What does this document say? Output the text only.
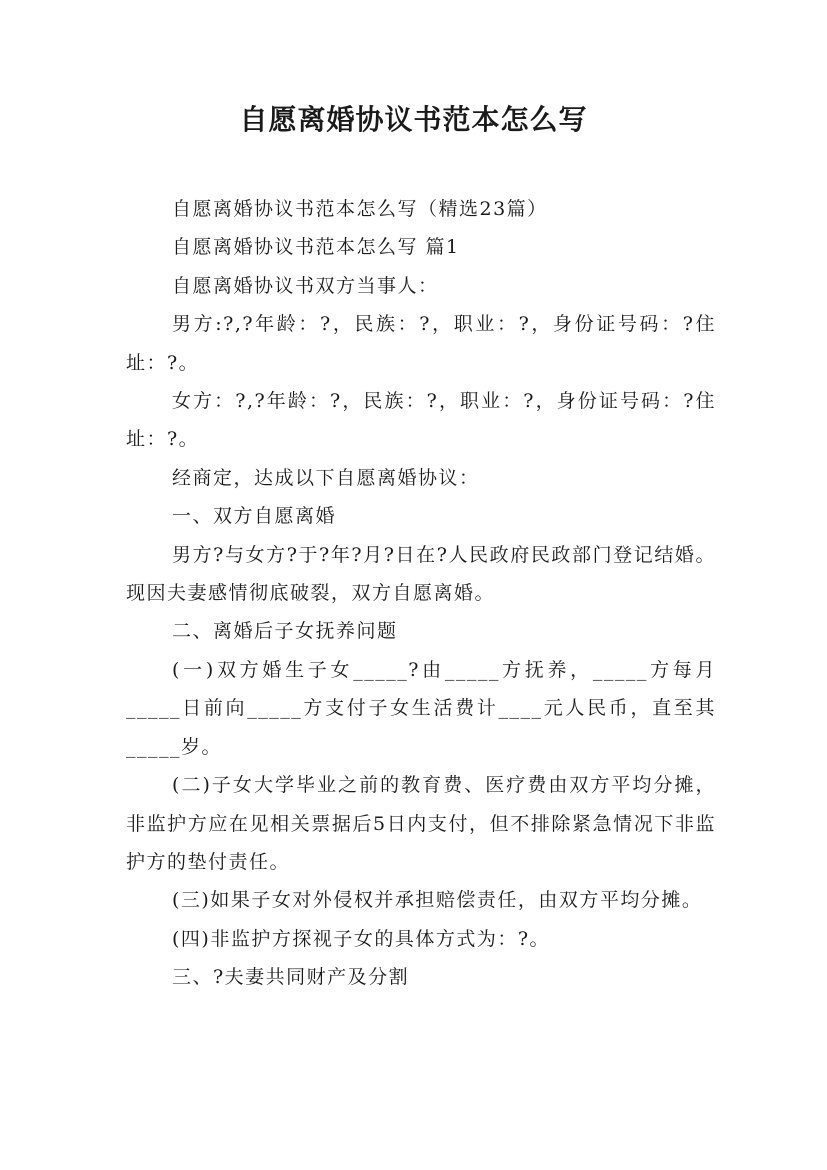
自愿离婚协议书范本怎么写

自愿离婚协议书范本怎么写（精选23篇）

自愿离婚协议书范本怎么写 篇1

自愿离婚协议书双方当事人：

男方:?,?年龄：?，民族：?，职业：?，身份证号码：?住址：?。

女方：?,?年龄：?，民族：?，职业：?，身份证号码：?住址：?。

经商定，达成以下自愿离婚协议：

一、双方自愿离婚

男方?与女方?于?年?月?日在?人民政府民政部门登记结婚。现因夫妻感情彻底破裂，双方自愿离婚。

二、离婚后子女抚养问题

(一)双方婚生子女_____?由_____方抚养，_____方每月_____日前向_____方支付子女生活费计____元人民币，直至其_____岁。

(二)子女大学毕业之前的教育费、医疗费由双方平均分摊，非监护方应在见相关票据后5日内支付，但不排除紧急情况下非监护方的垫付责任。

(三)如果子女对外侵权并承担赔偿责任，由双方平均分摊。

(四)非监护方探视子女的具体方式为：?。

三、?夫妻共同财产及分割
